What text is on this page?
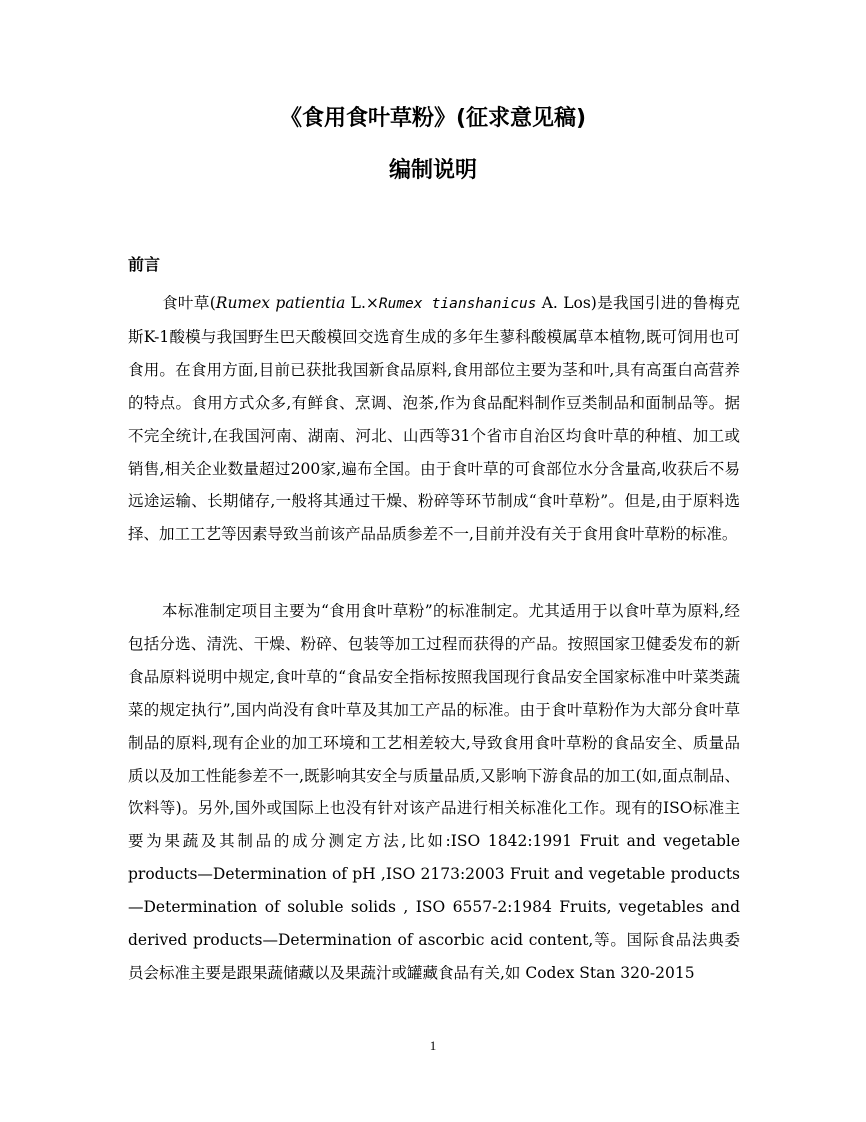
《食用食叶草粉》(征求意见稿)
编制说明
前言

食叶草(Rumex patientia L.×Rumex tianshanicus A. Los)是我国引进的鲁梅克斯K-1酸模与我国野生巴天酸模回交选育生成的多年生蓼科酸模属草本植物,既可饲用也可食用。在食用方面,目前已获批我国新食品原料,食用部位主要为茎和叶,具有高蛋白高营养的特点。食用方式众多,有鲜食、烹调、泡茶,作为食品配料制作豆类制品和面制品等。据不完全统计,在我国河南、湖南、河北、山西等31个省市自治区均食叶草的种植、加工或销售,相关企业数量超过200家,遍布全国。由于食叶草的可食部位水分含量高,收获后不易远途运输、长期储存,一般将其通过干燥、粉碎等环节制成“食叶草粉”。但是,由于原料选择、加工工艺等因素导致当前该产品品质参差不一,目前并没有关于食用食叶草粉的标准。

本标准制定项目主要为“食用食叶草粉”的标准制定。尤其适用于以食叶草为原料,经包括分选、清洗、干燥、粉碎、包装等加工过程而获得的产品。按照国家卫健委发布的新食品原料说明中规定,食叶草的“食品安全指标按照我国现行食品安全国家标准中叶菜类蔬菜的规定执行”,国内尚没有食叶草及其加工产品的标准。由于食叶草粉作为大部分食叶草制品的原料,现有企业的加工环境和工艺相差较大,导致食用食叶草粉的食品安全、质量品质以及加工性能参差不一,既影响其安全与质量品质,又影响下游食品的加工(如,面点制品、饮料等)。另外,国外或国际上也没有针对该产品进行相关标准化工作。现有的ISO标准主要为果蔬及其制品的成分测定方法,比如:ISO 1842:1991 Fruit and vegetable products—Determination of pH ,ISO 2173:2003 Fruit and vegetable products—Determination of soluble solids , ISO 6557-2:1984 Fruits, vegetables and derived products—Determination of ascorbic acid content,等。国际食品法典委员会标准主要是跟果蔬储藏以及果蔬汁或罐藏食品有关,如 Codex Stan 320-2015

1
